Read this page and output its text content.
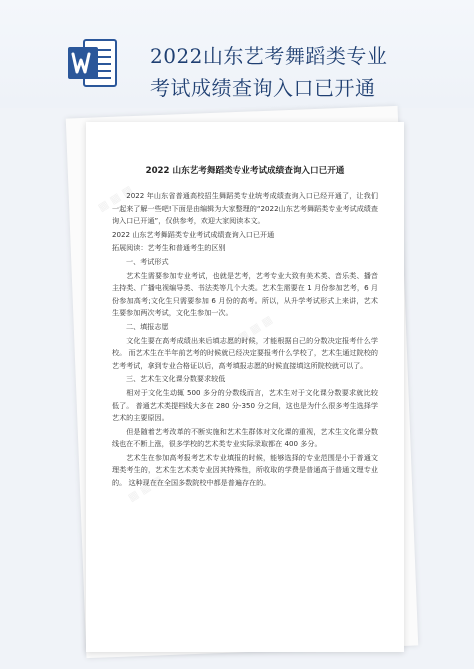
2022山东艺考舞蹈类专业
考试成绩查询入口已开通
▦ ▦ ▦
▦ ▦ ▦
▦ ▦ ▦
2022 山东艺考舞蹈类专业考试成绩查询入口已开通
2022 年山东省普通高校招生舞蹈类专业统考成绩查询入口已经开通了，让我们一起来了解一些吧!下面是由编辑为大家整理的“2022山东艺考舞蹈类专业考试成绩查询入口已开通”，仅供参考，欢迎大家阅读本文。
2022 山东艺考舞蹈类专业考试成绩查询入口已开通
拓展阅读：艺考生和普通考生的区别
一、考试形式
艺术生需要参加专业考试，也就是艺考，艺考专业大致有美术类、音乐类、播音主持类、广播电视编导类、书法类等几个大类。艺术生需要在 1 月份参加艺考，6 月份参加高考;文化生只需要参加 6 月份的高考。所以，从升学考试形式上来讲，艺术生要参加两次考试，文化生参加一次。
二、填报志愿
文化生要在高考成绩出来后填志愿的时候，才能根据自己的分数决定报考什么学校。 而艺术生在半年前艺考的时候就已经决定要报考什么学校了，艺术生通过院校的艺考考试，拿到专业合格证以后，高考填报志愿的时候直接填这所院校就可以了。
三、艺术生文化课分数要求较低
相对于文化生动辄 500 多分的分数线而言，艺术生对于文化课分数要求就比较低了。 普通艺术类提档线大多在 280 分-350 分之间，这也是为什么很多考生选择学艺术的主要原因。
但是随着艺考改革的不断实施和艺术生群体对文化课的重视，艺术生文化课分数线也在不断上涨，很多学校的艺术类专业实际录取都在 400 多分。
艺术生在参加高考报考艺术专业填报的时候，能够选择的专业范围是小于普通文理类考生的，艺术生艺术类专业因其特殊性，所收取的学费是普通高于普通文理专业的。 这种现在在全国多数院校中都是普遍存在的。
